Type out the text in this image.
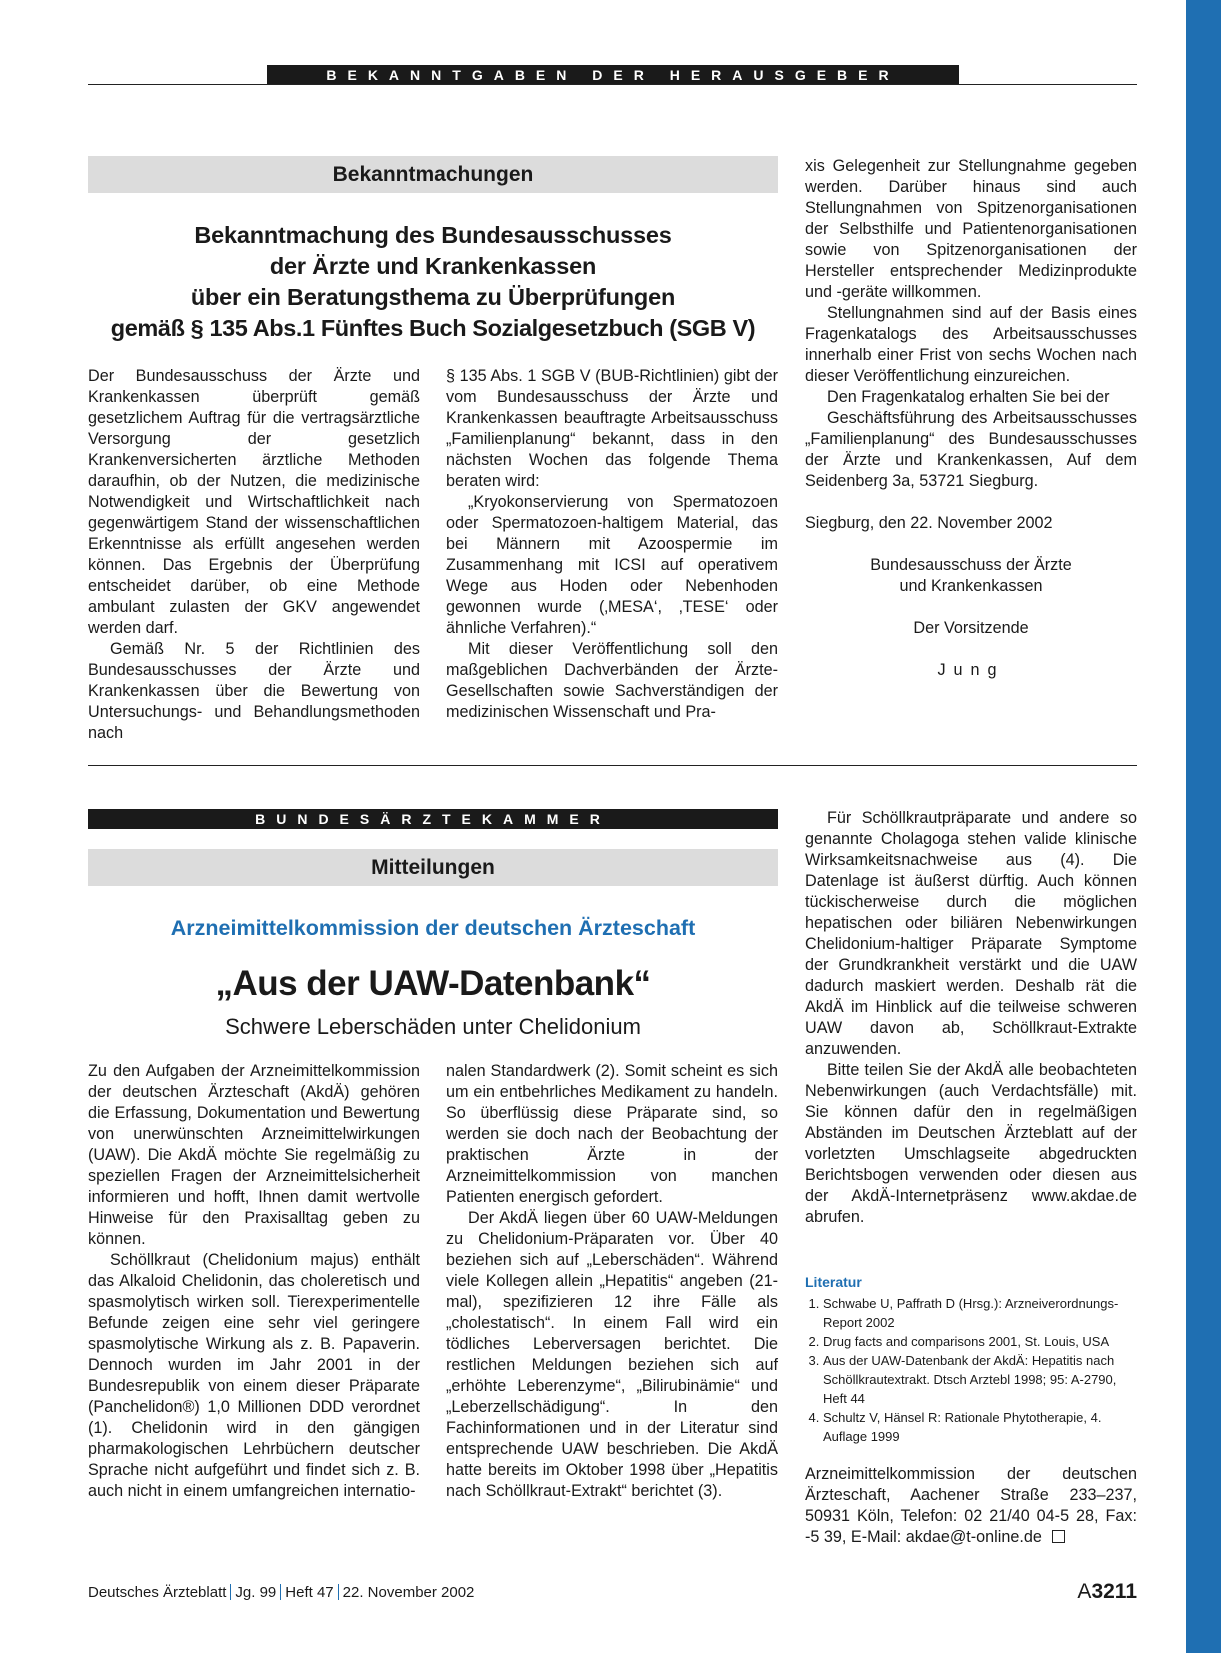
BEKANNTGABEN DER HERAUSGEBER
Bekanntmachungen
Bekanntmachung des Bundesausschusses
der Ärzte und Krankenkassen
über ein Beratungsthema zu Überprüfungen
gemäß § 135 Abs.1 Fünftes Buch Sozialgesetzbuch (SGB V)

Der Bundesausschuss der Ärzte und Krankenkassen überprüft gemäß gesetzlichem Auftrag für die vertragsärztliche Versorgung der gesetzlich Krankenversicherten ärztliche Methoden daraufhin, ob der Nutzen, die medizinische Notwendigkeit und Wirtschaftlichkeit nach gegenwärtigem Stand der wissenschaftlichen Erkenntnisse als erfüllt angesehen werden können. Das Ergebnis der Überprüfung entscheidet darüber, ob eine Methode ambulant zulasten der GKV angewendet werden darf.

Gemäß Nr. 5 der Richtlinien des Bundesausschusses der Ärzte und Krankenkassen über die Bewertung von Untersuchungs- und Behandlungsmethoden nach

§ 135 Abs. 1 SGB V (BUB-Richtlinien) gibt der vom Bundesausschuss der Ärzte und Krankenkassen beauftragte Arbeitsausschuss „Familienplanung“ bekannt, dass in den nächsten Wochen das folgende Thema beraten wird:

„Kryokonservierung von Spermatozoen oder Spermatozoen-haltigem Material, das bei Männern mit Azoospermie im Zusammenhang mit ICSI auf operativem Wege aus Hoden oder Nebenhoden gewonnen wurde (‚MESA‘, ‚TESE‘ oder ähnliche Verfahren).“

Mit dieser Veröffentlichung soll den maßgeblichen Dachverbänden der Ärzte-Gesellschaften sowie Sachverständigen der medizinischen Wissenschaft und Pra-

xis Gelegenheit zur Stellungnahme gegeben werden. Darüber hinaus sind auch Stellungnahmen von Spitzenorganisationen der Selbsthilfe und Patientenorganisationen sowie von Spitzenorganisationen der Hersteller entsprechender Medizinprodukte und -geräte willkommen.

Stellungnahmen sind auf der Basis eines Fragenkatalogs des Arbeitsausschusses innerhalb einer Frist von sechs Wochen nach dieser Veröffentlichung einzureichen.

Den Fragenkatalog erhalten Sie bei der

Geschäftsführung des Arbeitsausschusses „Familienplanung“ des Bundesausschusses der Ärzte und Krankenkassen, Auf dem Seidenberg 3a, 53721 Siegburg.

Siegburg, den 22. November 2002

Bundesausschuss der Ärzte

und Krankenkassen

Der Vorsitzende

Jung

BUNDESÄRZTEKAMMER
Mitteilungen
Arzneimittelkommission der deutschen Ärzteschaft
„Aus der UAW-Datenbank“
Schwere Leberschäden unter Chelidonium

Zu den Aufgaben der Arzneimittelkommission der deutschen Ärzteschaft (AkdÄ) gehören die Erfassung, Dokumentation und Bewertung von unerwünschten Arzneimittelwirkungen (UAW). Die AkdÄ möchte Sie regelmäßig zu speziellen Fragen der Arzneimittelsicherheit informieren und hofft, Ihnen damit wertvolle Hinweise für den Praxisalltag geben zu können.

Schöllkraut (Chelidonium majus) enthält das Alkaloid Chelidonin, das choleretisch und spasmolytisch wirken soll. Tierexperimentelle Befunde zeigen eine sehr viel geringere spasmolytische Wirkung als z. B. Papaverin. Dennoch wurden im Jahr 2001 in der Bundesrepublik von einem dieser Präparate (Panchelidon®) 1,0 Millionen DDD verordnet (1). Chelidonin wird in den gängigen pharmakologischen Lehrbüchern deutscher Sprache nicht aufgeführt und findet sich z. B. auch nicht in einem umfangreichen internatio-

nalen Standardwerk (2). Somit scheint es sich um ein entbehrliches Medikament zu handeln. So überflüssig diese Präparate sind, so werden sie doch nach der Beobachtung der praktischen Ärzte in der Arzneimittelkommission von manchen Patienten energisch gefordert.

Der AkdÄ liegen über 60 UAW-Meldungen zu Chelidonium-Präparaten vor. Über 40 beziehen sich auf „Leberschäden“. Während viele Kollegen allein „Hepatitis“ angeben (21-mal), spezifizieren 12 ihre Fälle als „cholestatisch“. In einem Fall wird ein tödliches Leberversagen berichtet. Die restlichen Meldungen beziehen sich auf „erhöhte Leberenzyme“, „Bilirubinämie“ und „Leberzellschädigung“. In den Fachinformationen und in der Literatur sind entsprechende UAW beschrieben. Die AkdÄ hatte bereits im Oktober 1998 über „Hepatitis nach Schöllkraut-Extrakt“ berichtet (3).

Für Schöllkrautpräparate und andere so genannte Cholagoga stehen valide klinische Wirksamkeitsnachweise aus (4). Die Datenlage ist äußerst dürftig. Auch können tückischerweise durch die möglichen hepatischen oder biliären Nebenwirkungen Chelidonium-haltiger Präparate Symptome der Grundkrankheit verstärkt und die UAW dadurch maskiert werden. Deshalb rät die AkdÄ im Hinblick auf die teilweise schweren UAW davon ab, Schöllkraut-Extrakte anzuwenden.

Bitte teilen Sie der AkdÄ alle beobachteten Nebenwirkungen (auch Verdachtsfälle) mit. Sie können dafür den in regelmäßigen Abständen im Deutschen Ärzteblatt auf der vorletzten Umschlagseite abgedruckten Berichtsbogen verwenden oder diesen aus der AkdÄ-Internetpräsenz www.akdae.de abrufen.

Literatur
1. Schwabe U, Paffrath D (Hrsg.): Arzneiverordnungs-Report 2002
2. Drug facts and comparisons 2001, St. Louis, USA
3. Aus der UAW-Datenbank der AkdÄ: Hepatitis nach Schöllkrautextrakt. Dtsch Arztebl 1998; 95: A-2790, Heft 44
4. Schultz V, Hänsel R: Rationale Phytotherapie, 4. Auflage 1999

Arzneimittelkommission der deutschen Ärzteschaft, Aachener Straße 233–237, 50931 Köln, Telefon: 02 21/40 04-5 28, Fax: -5 39, E-Mail: akdae@t-online.de

Deutsches Ärzteblatt Jg. 99 Heft 47 22. November 2002	A3211
